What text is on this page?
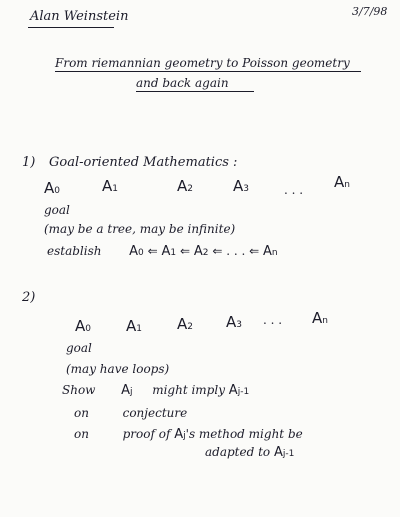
Alan Weinstein	3/7/98
From riemannian geometry to Poisson geometry
and back again
1) Goal-oriented Mathematics :
A0	A1	A2	A3	. . . An
goal
(may be a tree, may be infinite)
establish A0 ⇐ A1 ⇐ A2 ⇐ . . . ⇐ An
2)
A0 A1 A2 A3 . . . An
goal
(may have loops)
Show Aj might imply Aj-1
on	conjecture
on	proof of Aj's method might be
adapted to Aj-1
